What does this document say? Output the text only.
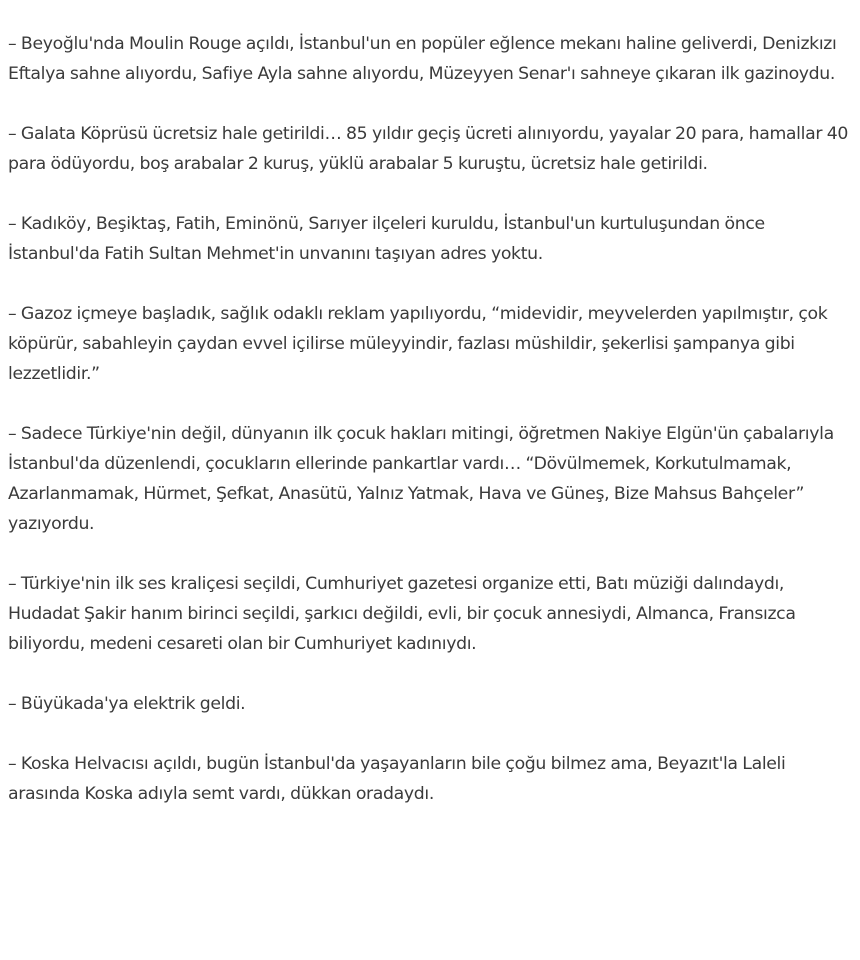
– Beyoğlu'nda Moulin Rouge açıldı, İstanbul'un en popüler eğlence mekanı haline geliverdi, Denizkızı Eftalya sahne alıyordu, Safiye Ayla sahne alıyordu, Müzeyyen Senar'ı sahneye çıkaran ilk gazinoydu.

– Galata Köprüsü ücretsiz hale getirildi… 85 yıldır geçiş ücreti alınıyordu, yayalar 20 para, hamallar 40 para ödüyordu, boş arabalar 2 kuruş, yüklü arabalar 5 kuruştu, ücretsiz hale getirildi.

– Kadıköy, Beşiktaş, Fatih, Eminönü, Sarıyer ilçeleri kuruldu, İstanbul'un kurtuluşundan önce İstanbul'da Fatih Sultan Mehmet'in unvanını taşıyan adres yoktu.

– Gazoz içmeye başladık, sağlık odaklı reklam yapılıyordu, “midevidir, meyvelerden yapılmıştır, çok köpürür, sabahleyin çaydan evvel içilirse müleyyindir, fazlası müshildir, şekerlisi şampanya gibi lezzetlidir.”

– Sadece Türkiye'nin değil, dünyanın ilk çocuk hakları mitingi, öğretmen Nakiye Elgün'ün çabalarıyla İstanbul'da düzenlendi, çocukların ellerinde pankartlar vardı… “Dövülmemek, Korkutulmamak, Azarlanmamak, Hürmet, Şefkat, Anasütü, Yalnız Yatmak, Hava ve Güneş, Bize Mahsus Bahçeler” yazıyordu.

– Türkiye'nin ilk ses kraliçesi seçildi, Cumhuriyet gazetesi organize etti, Batı müziği dalındaydı, Hudadat Şakir hanım birinci seçildi, şarkıcı değildi, evli, bir çocuk annesiydi, Almanca, Fransızca biliyordu, medeni cesareti olan bir Cumhuriyet kadınıydı.

– Büyükada'ya elektrik geldi.

– Koska Helvacısı açıldı, bugün İstanbul'da yaşayanların bile çoğu bilmez ama, Beyazıt'la Laleli arasında Koska adıyla semt vardı, dükkan oradaydı.
